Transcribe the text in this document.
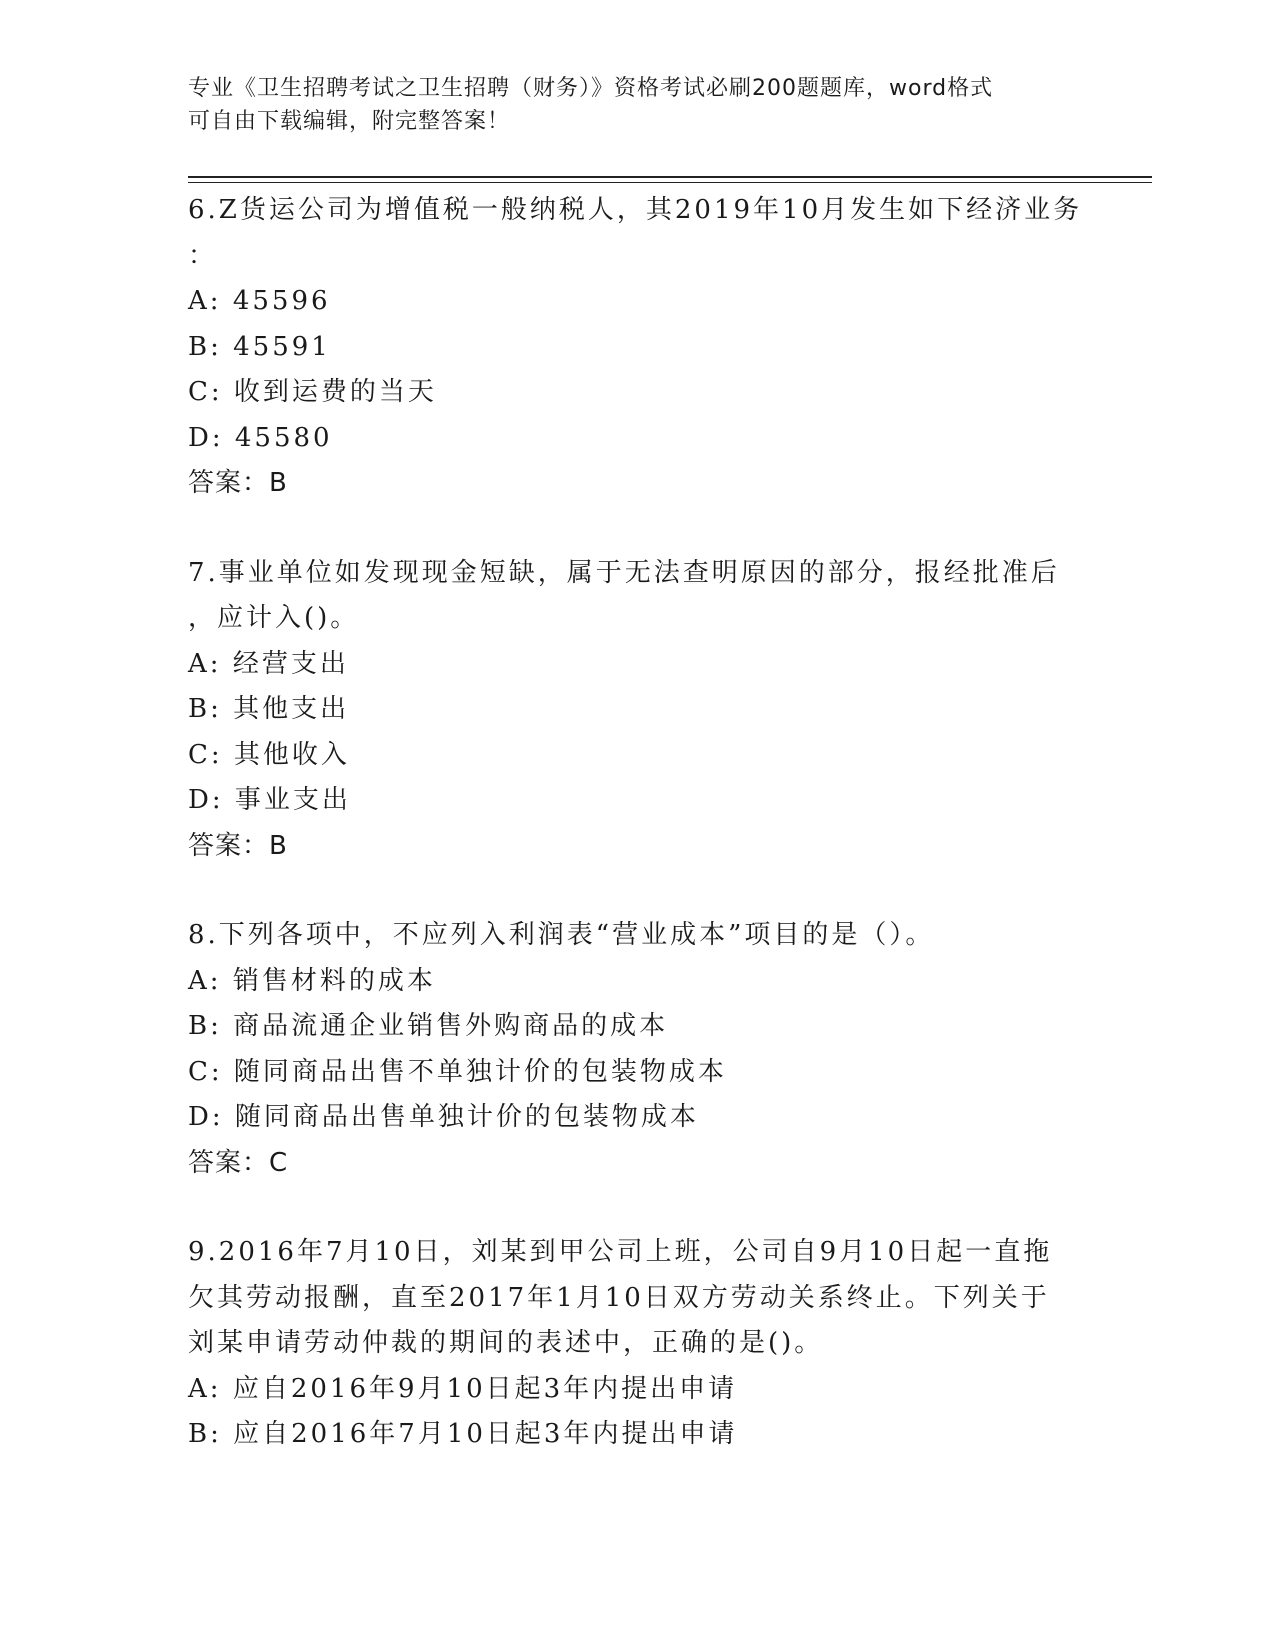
专业《卫生招聘考试之卫生招聘（财务）》资格考试必刷200题题库，word格式
可自由下载编辑，附完整答案！
6.Z货运公司为增值税一般纳税人，其2019年10月发生如下经济业务
：
A: 45596
B: 45591
C: 收到运费的当天
D: 45580
答案：B
7.事业单位如发现现金短缺，属于无法查明原因的部分，报经批准后
，应计入()。
A: 经营支出
B: 其他支出
C: 其他收入
D: 事业支出
答案：B
8.下列各项中，不应列入利润表“营业成本”项目的是（）。
A: 销售材料的成本
B: 商品流通企业销售外购商品的成本
C: 随同商品出售不单独计价的包装物成本
D: 随同商品出售单独计价的包装物成本
答案：C
9.2016年7月10日，刘某到甲公司上班，公司自9月10日起一直拖
欠其劳动报酬，直至2017年1月10日双方劳动关系终止。下列关于
刘某申请劳动仲裁的期间的表述中，正确的是()。
A: 应自2016年9月10日起3年内提出申请
B: 应自2016年7月10日起3年内提出申请
